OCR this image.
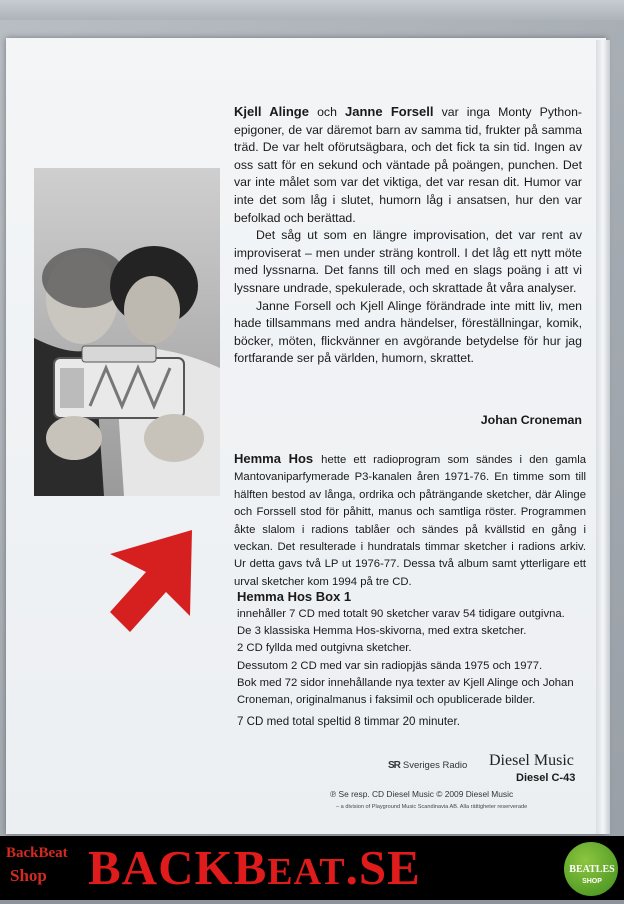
Kjell Alinge och Janne Forsell var inga Monty Python-epigoner, de var däremot barn av samma tid, frukter på samma träd. De var helt oförutsägbara, och det fick ta sin tid. Ingen av oss satt för en sekund och väntade på poängen, punchen. Det var inte målet som var det viktiga, det var resan dit. Humor var inte det som låg i slutet, humorn låg i ansatsen, hur den var befolkad och berättad.

Det såg ut som en längre improvisation, det var rent av improviserat – men under sträng kontroll. I det låg ett nytt möte med lyssnarna. Det fanns till och med en slags poäng i att vi lyssnare undrade, spekulerade, och skrattade åt våra analyser.

Janne Forsell och Kjell Alinge förändrade inte mitt liv, men hade tillsammans med andra händelser, föreställningar, komik, böcker, möten, flickvänner en avgörande betydelse för hur jag fortfarande ser på världen, humorn, skrattet.

Johan Croneman
Hemma Hos hette ett radioprogram som sändes i den gamla Mantovaniparfymerade P3-kanalen åren 1971-76. En timme som till hälften bestod av långa, ordrika och påträngande sketcher, där Alinge och Forssell stod för påhitt, manus och samtliga röster. Programmen åkte slalom i radions tablåer och sändes på kvällstid en gång i veckan. Det resulterade i hundratals timmar sketcher i radions arkiv. Ur detta gavs två LP ut 1976-77. Dessa två album samt ytterligare ett urval sketcher kom 1994 på tre CD.
Hemma Hos Box 1
innehåller 7 CD med totalt 90 sketcher varav 54 tidigare outgivna.
De 3 klassiska Hemma Hos-skivorna, med extra sketcher.
2 CD fyllda med outgivna sketcher.
Dessutom 2 CD med var sin radiopjäs sända 1975 och 1977.
Bok med 72 sidor innehållande nya texter av Kjell Alinge och Johan
Croneman, originalmanus i faksimil och opublicerade bilder.
7 CD med total speltid 8 timmar 20 minuter.
SR Sveriges Radio Diesel Music
Diesel C-43
℗ Se resp. CD Diesel Music © 2009 Diesel Music
– a division of Playground Music Scandinavia AB. Alla rättigheter reserverade
BackBeat
Shop BACKBEAT.SE	BEATLES
SHOP
